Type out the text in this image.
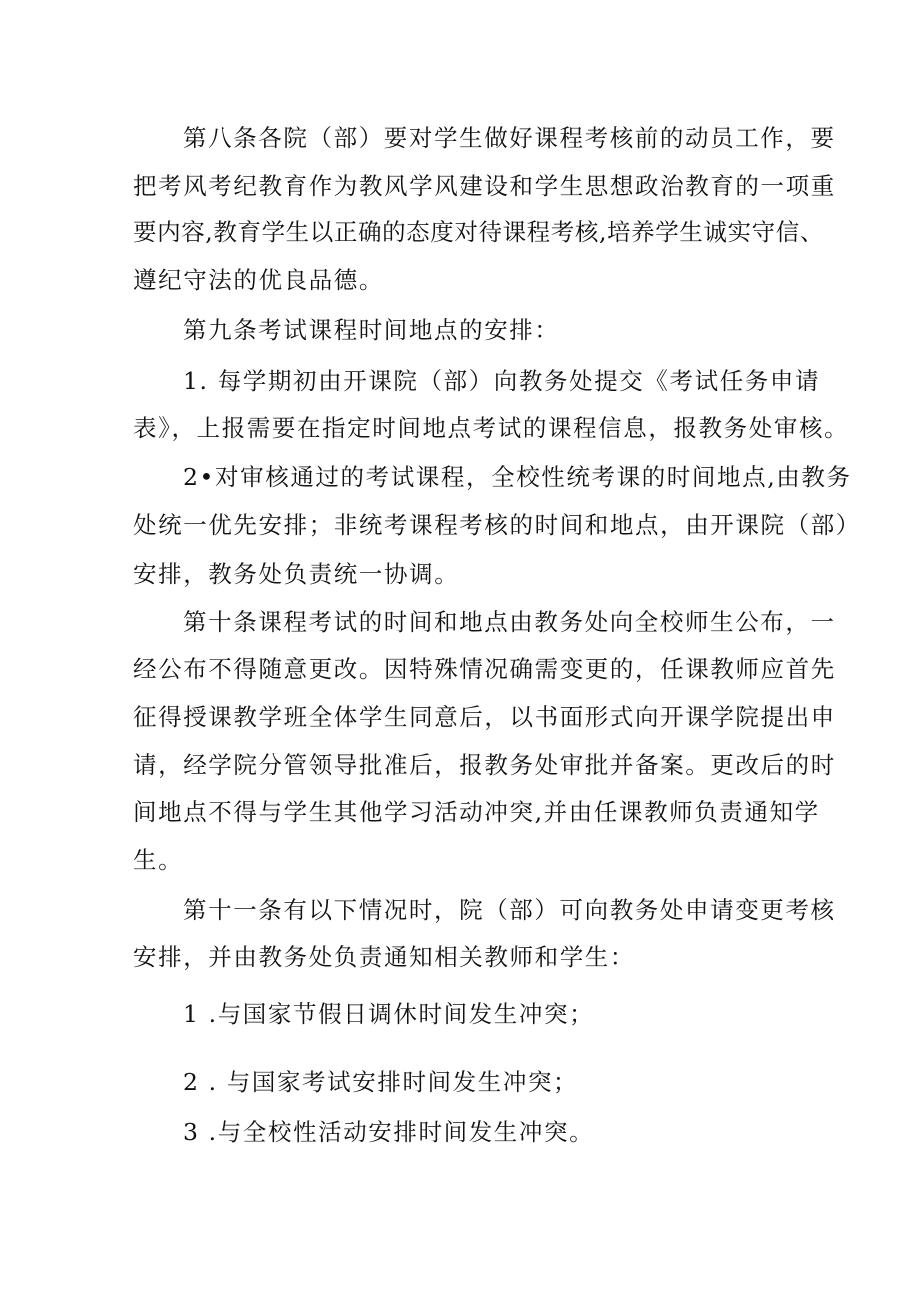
第八条各院（部）要对学生做好课程考核前的动员工作，要
把考风考纪教育作为教风学风建设和学生思想政治教育的一项重
要内容,教育学生以正确的态度对待课程考核,培养学生诚实守信、
遵纪守法的优良品德。
第九条考试课程时间地点的安排：
1. 每学期初由开课院（部）向教务处提交《考试任务申请
表》，上报需要在指定时间地点考试的课程信息，报教务处审核。
2•对审核通过的考试课程，全校性统考课的时间地点,由教务
处统一优先安排；非统考课程考核的时间和地点，由开课院（部）
安排，教务处负责统一协调。
第十条课程考试的时间和地点由教务处向全校师生公布，一
经公布不得随意更改。因特殊情况确需变更的，任课教师应首先
征得授课教学班全体学生同意后，以书面形式向开课学院提出申
请，经学院分管领导批准后，报教务处审批并备案。更改后的时
间地点不得与学生其他学习活动冲突,并由任课教师负责通知学
生。
第十一条有以下情况时，院（部）可向教务处申请变更考核
安排，并由教务处负责通知相关教师和学生：
1 .与国家节假日调休时间发生冲突；
2 . 与国家考试安排时间发生冲突；
3 .与全校性活动安排时间发生冲突。
